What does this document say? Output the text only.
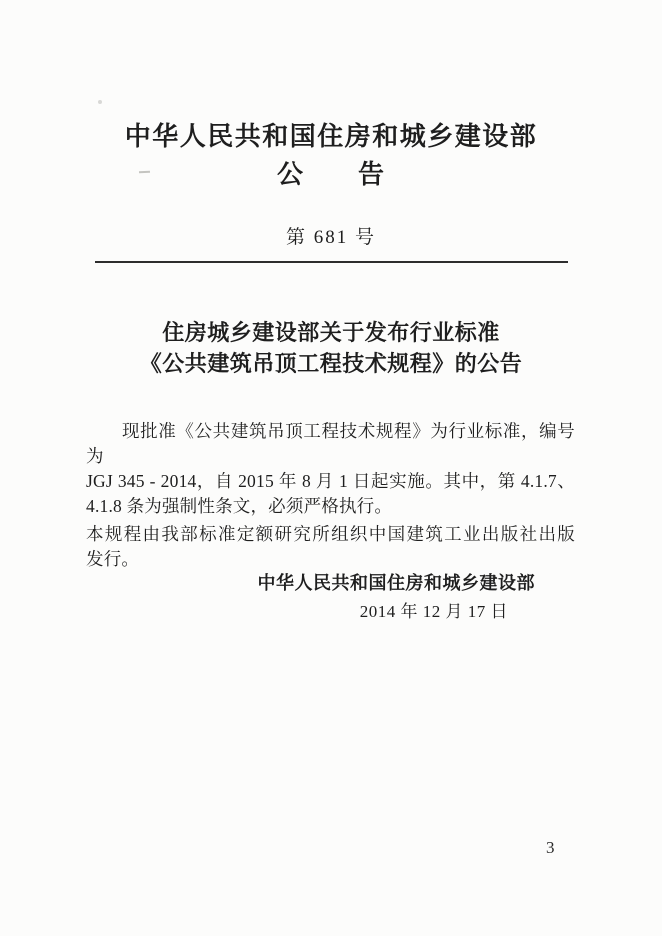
中华人民共和国住房和城乡建设部
公　　告
第 681 号
住房城乡建设部关于发布行业标准
《公共建筑吊顶工程技术规程》的公告
现批准《公共建筑吊顶工程技术规程》为行业标准，编号为
JGJ 345 - 2014，自 2015 年 8 月 1 日起实施。其中，第 4.1.7、
4.1.8 条为强制性条文，必须严格执行。
本规程由我部标准定额研究所组织中国建筑工业出版社出版
发行。
中华人民共和国住房和城乡建设部
2014 年 12 月 17 日
3
